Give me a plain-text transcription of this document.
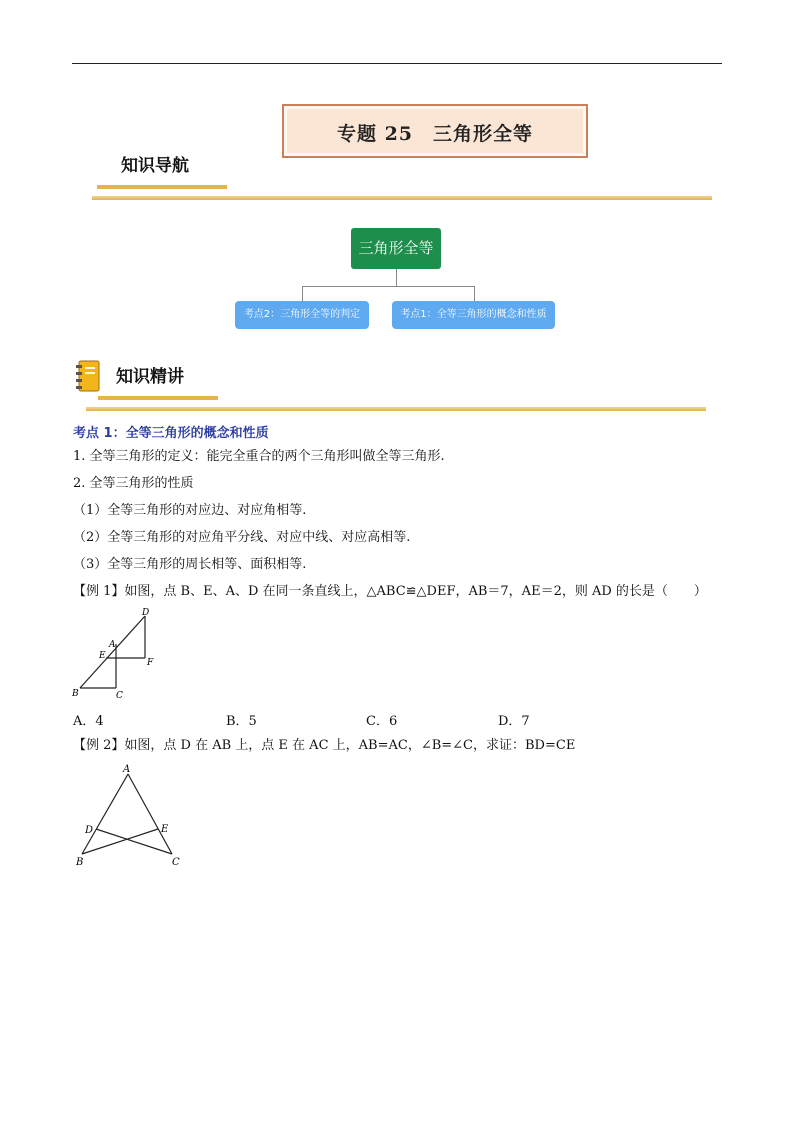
专题 25　三角形全等
知识导航
三角形全等
考点2：三角形全等的判定	考点1：全等三角形的概念和性质
知识精讲
考点 1：全等三角形的概念和性质
1. 全等三角形的定义：能完全重合的两个三角形叫做全等三角形.
2. 全等三角形的性质
（1）全等三角形的对应边、对应角相等.
（2）全等三角形的对应角平分线、对应中线、对应高相等.
（3）全等三角形的周长相等、面积相等.
【例 1】如图，点 B、E、A、D 在同一条直线上，△ABC≌△DEF，AB＝7，AE＝2，则 AD 的长是（　　）
D
A
E
F
B	C
A．4	B．5	C．6	D．7
【例 2】如图，点 D 在 AB 上，点 E 在 AC 上，AB=AC，∠B=∠C，求证：BD=CE
A
D	E
B	C
